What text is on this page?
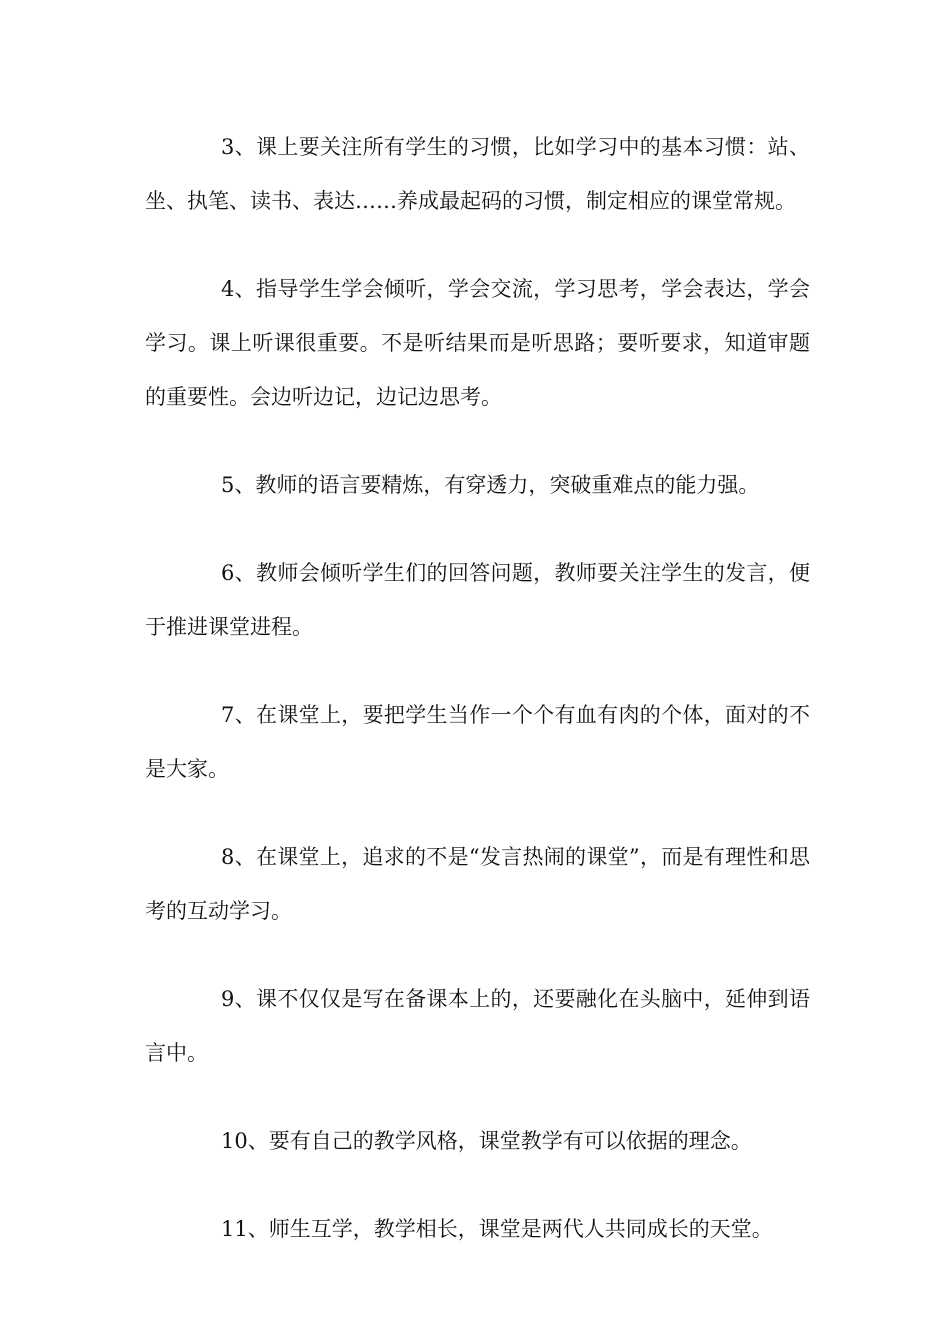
3、课上要关注所有学生的习惯，比如学习中的基本习惯：站、坐、执笔、读书、表达……养成最起码的习惯，制定相应的课堂常规。

4、指导学生学会倾听，学会交流，学习思考，学会表达，学会学习。课上听课很重要。不是听结果而是听思路；要听要求，知道审题的重要性。会边听边记，边记边思考。

5、教师的语言要精炼，有穿透力，突破重难点的能力强。

6、教师会倾听学生们的回答问题，教师要关注学生的发言，便于推进课堂进程。

7、在课堂上，要把学生当作一个个有血有肉的个体，面对的不是大家。

8、在课堂上，追求的不是“发言热闹的课堂”，而是有理性和思考的互动学习。

9、课不仅仅是写在备课本上的，还要融化在头脑中，延伸到语言中。

10、要有自己的教学风格，课堂教学有可以依据的理念。

11、师生互学，教学相长，课堂是两代人共同成长的天堂。
